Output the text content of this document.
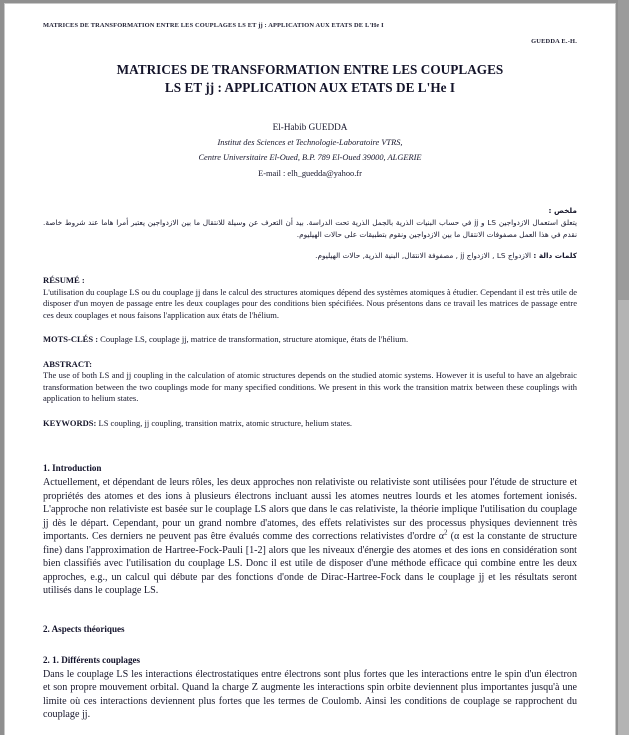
MATRICES DE TRANSFORMATION ENTRE LES COUPLAGES LS ET jj : APPLICATION AUX ETATS DE L'He I
GUEDDA E.-H.
MATRICES DE TRANSFORMATION ENTRE LES COUPLAGES
LS ET jj : APPLICATION AUX ETATS DE L'He I
El-Habib GUEDDA
Institut des Sciences et Technologie-Laboratoire VTRS,
Centre Universitaire El-Oued, B.P. 789 El-Oued 39000, ALGERIE
E-mail : elh_guedda@yahoo.fr
ملخص :
يتعلق استعمال الازدواجين LS و jj في حساب البنيات الذرية بالجمل الذرية تحت الدراسة. بيد أن التعرف عن وسيلة للانتقال ما بين الازدواجين يعتبر أمرا هاما عند شروط خاصة. نقدم في هذا العمل مصفوفات الانتقال ما بين الازدواجين ونقوم بتطبيقات على حالات الهيليوم.
كلمات دالة : الازدواج LS , الازدواج jj , مصفوفة الانتقال, البنية الذرية, حالات الهيليوم.
RÉSUMÉ :

L'utilisation du couplage LS ou du couplage jj dans le calcul des structures atomiques dépend des systèmes atomiques à étudier. Cependant il est très utile de disposer d'un moyen de passage entre les deux couplages pour des conditions bien spécifiées. Nous présentons dans ce travail les matrices de passage entre ces deux couplages et nous faisons l'application aux états de l'hélium.

MOTS-CLÉS : Couplage LS, couplage jj, matrice de transformation, structure atomique, états de l'hélium.
ABSTRACT:

The use of both LS and jj coupling in the calculation of atomic structures depends on the studied atomic systems. However it is useful to have an algebraic transformation between the two couplings mode for many specified conditions. We present in this work the transition matrix between these couplings with application to helium states.

KEYWORDS: LS coupling, jj coupling, transition matrix, atomic structure, helium states.
1. Introduction

Actuellement, et dépendant de leurs rôles, les deux approches non relativiste ou relativiste sont utilisées pour l'étude de structure et propriétés des atomes et des ions à plusieurs électrons incluant aussi les atomes neutres lourds et les atomes fortement ionisés. L'approche non relativiste est basée sur le couplage LS alors que dans le cas relativiste, la théorie implique l'utilisation du couplage jj dès le départ. Cependant, pour un grand nombre d'atomes, des effets relativistes sur des processus physiques deviennent très importants. Ces derniers ne peuvent pas être évalués comme des corrections relativistes d'ordre $\alpha^2$ (α est la constante de structure fine) dans l'approximation de Hartree-Fock-Pauli [1-2] alors que les niveaux d'énergie des atomes et des ions en considération sont bien classifiés avec l'utilisation du couplage LS. Donc il est utile de disposer d'une méthode efficace qui combine entre les deux approches, e.g., un calcul qui débute par des fonctions d'onde de Dirac-Hartree-Fock dans le couplage jj et les résultats seront utilisés dans le couplage LS.

2. Aspects théoriques
2. 1. Différents couplages

Dans le couplage LS les interactions électrostatiques entre électrons sont plus fortes que les interactions entre le spin d'un électron et son propre mouvement orbital. Quand la charge Z augmente les interactions spin orbite deviennent plus importantes jusqu'à une limite où ces interactions deviennent plus fortes que les termes de Coulomb. Ainsi les conditions de couplage se rapprochent du couplage jj.
